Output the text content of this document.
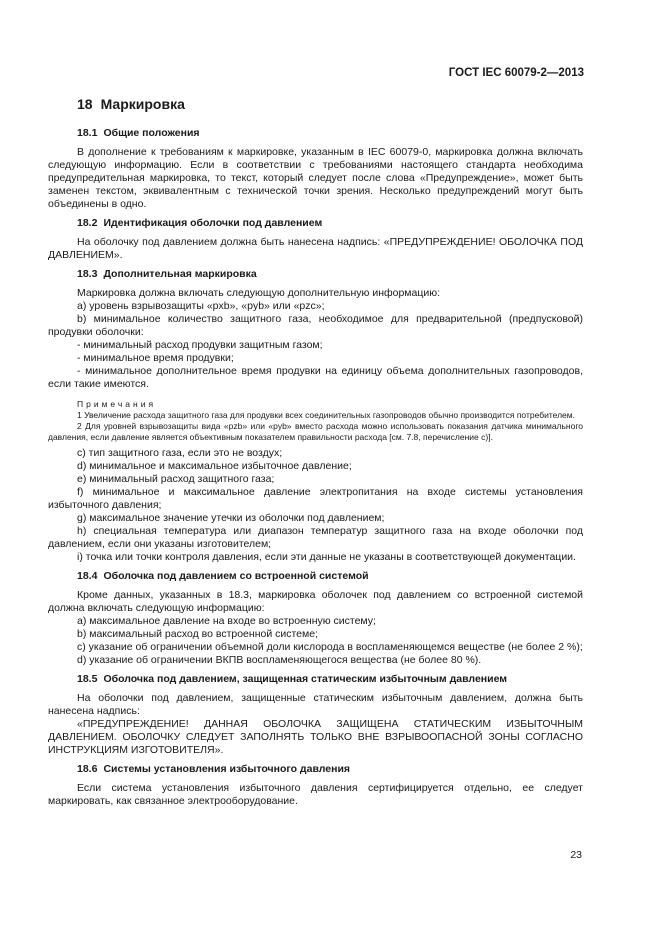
ГОСТ IEC 60079-2—2013
18 Маркировка
18.1 Общие положения

В дополнение к требованиям к маркировке, указанным в IEC 60079-0, маркировка должна включать следующую информацию. Если в соответствии с требованиями настоящего стандарта необходима предупредительная маркировка, то текст, который следует после слова «Предупреждение», может быть заменен текстом, эквивалентным с технической точки зрения. Несколько предупреждений могут быть объединены в одно.

18.2 Идентификация оболочки под давлением

На оболочку под давлением должна быть нанесена надпись: «ПРЕДУПРЕЖДЕНИЕ! ОБОЛОЧКА ПОД ДАВЛЕНИЕМ».

18.3 Дополнительная маркировка

Маркировка должна включать следующую дополнительную информацию:

а) уровень взрывозащиты «pxb», «pyb» или «pzc»;

b) минимальное количество защитного газа, необходимое для предварительной (предпусковой) продувки оболочки:

- минимальный расход продувки защитным газом;

- минимальное время продувки;

- минимальное дополнительное время продувки на единицу объема дополнительных газопроводов, если такие имеются.

Примечания

1 Увеличение расхода защитного газа для продувки всех соединительных газопроводов обычно производится потребителем.

2 Для уровней взрывозащиты вида «pzb» или «pyb» вместо расхода можно использовать показания датчика минимального давления, если давление является объективным показателем правильности расхода [см. 7.8, перечисление с)].

c) тип защитного газа, если это не воздух;

d) минимальное и максимальное избыточное давление;

е) минимальный расход защитного газа;

f) минимальное и максимальное давление электропитания на входе системы установления избыточного давления;

g) максимальное значение утечки из оболочки под давлением;

h) специальная температура или диапазон температур защитного газа на входе оболочки под давлением, если они указаны изготовителем;

i) точка или точки контроля давления, если эти данные не указаны в соответствующей документации.

18.4 Оболочка под давлением со встроенной системой

Кроме данных, указанных в 18.3, маркировка оболочек под давлением со встроенной системой должна включать следующую информацию:

а) максимальное давление на входе во встроенную систему;

b) максимальный расход во встроенной системе;

c) указание об ограничении объемной доли кислорода в воспламеняющемся веществе (не более 2 %);

d) указание об ограничении ВКПВ воспламеняющегося вещества (не более 80 %).

18.5 Оболочка под давлением, защищенная статическим избыточным давлением

На оболочки под давлением, защищенные статическим избыточным давлением, должна быть нанесена надпись:

«ПРЕДУПРЕЖДЕНИЕ! ДАННАЯ ОБОЛОЧКА ЗАЩИЩЕНА СТАТИЧЕСКИМ ИЗБЫТОЧНЫМ ДАВЛЕНИЕМ. ОБОЛОЧКУ СЛЕДУЕТ ЗАПОЛНЯТЬ ТОЛЬКО ВНЕ ВЗРЫВООПАСНОЙ ЗОНЫ СОГЛАСНО ИНСТРУКЦИЯМ ИЗГОТОВИТЕЛЯ».

18.6 Системы установления избыточного давления

Если система установления избыточного давления сертифицируется отдельно, ее следует маркировать, как связанное электрооборудование.

23
